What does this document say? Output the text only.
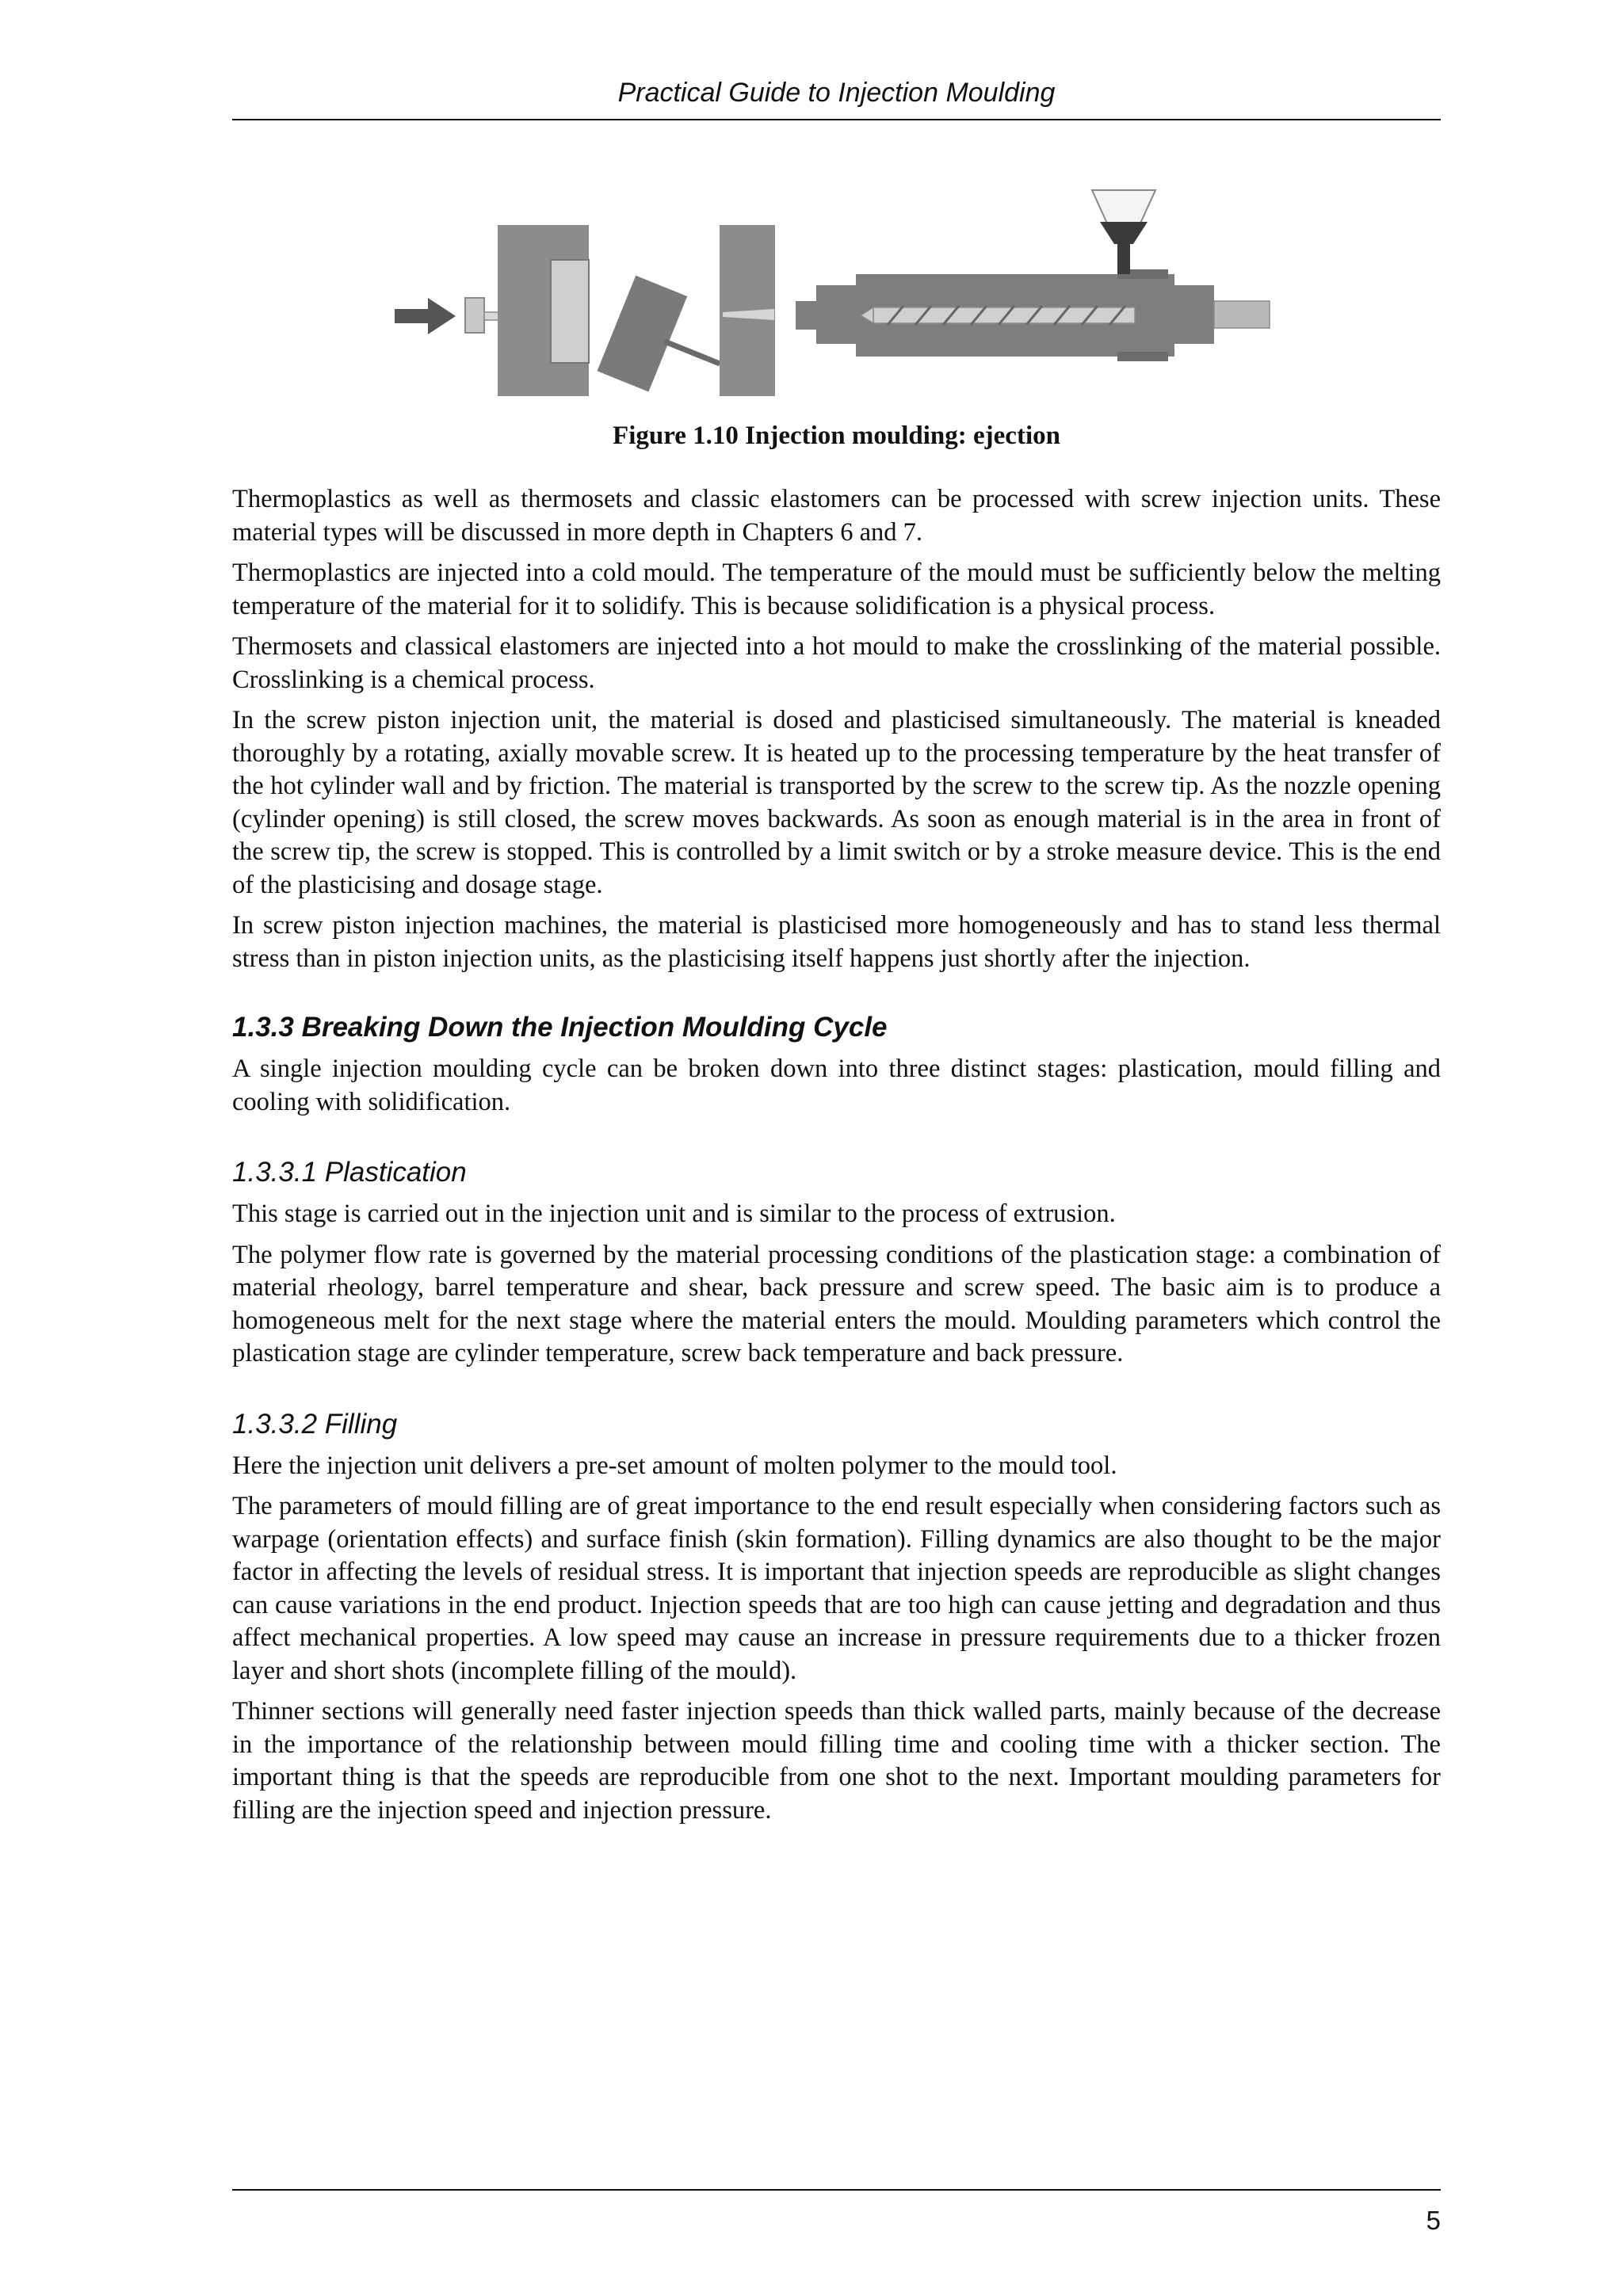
Practical Guide to Injection Moulding
Figure 1.10 Injection moulding: ejection

Thermoplastics as well as thermosets and classic elastomers can be processed with screw injection units. These material types will be discussed in more depth in Chapters 6 and 7.

Thermoplastics are injected into a cold mould. The temperature of the mould must be sufficiently below the melting temperature of the material for it to solidify. This is because solidification is a physical process.

Thermosets and classical elastomers are injected into a hot mould to make the crosslinking of the material possible. Crosslinking is a chemical process.

In the screw piston injection unit, the material is dosed and plasticised simultaneously. The material is kneaded thoroughly by a rotating, axially movable screw. It is heated up to the processing temperature by the heat transfer of the hot cylinder wall and by friction. The material is transported by the screw to the screw tip. As the nozzle opening (cylinder opening) is still closed, the screw moves backwards. As soon as enough material is in the area in front of the screw tip, the screw is stopped. This is controlled by a limit switch or by a stroke measure device. This is the end of the plasticising and dosage stage.

In screw piston injection machines, the material is plasticised more homogeneously and has to stand less thermal stress than in piston injection units, as the plasticising itself happens just shortly after the injection.

1.3.3 Breaking Down the Injection Moulding Cycle

A single injection moulding cycle can be broken down into three distinct stages: plastication, mould filling and cooling with solidification.

1.3.3.1 Plastication

This stage is carried out in the injection unit and is similar to the process of extrusion.

The polymer flow rate is governed by the material processing conditions of the plastication stage: a combination of material rheology, barrel temperature and shear, back pressure and screw speed. The basic aim is to produce a homogeneous melt for the next stage where the material enters the mould. Moulding parameters which control the plastication stage are cylinder temperature, screw back temperature and back pressure.

1.3.3.2 Filling

Here the injection unit delivers a pre-set amount of molten polymer to the mould tool.

The parameters of mould filling are of great importance to the end result especially when considering factors such as warpage (orientation effects) and surface finish (skin formation). Filling dynamics are also thought to be the major factor in affecting the levels of residual stress. It is important that injection speeds are reproducible as slight changes can cause variations in the end product. Injection speeds that are too high can cause jetting and degradation and thus affect mechanical properties. A low speed may cause an increase in pressure requirements due to a thicker frozen layer and short shots (incomplete filling of the mould).

Thinner sections will generally need faster injection speeds than thick walled parts, mainly because of the decrease in the importance of the relationship between mould filling time and cooling time with a thicker section. The important thing is that the speeds are reproducible from one shot to the next. Important moulding parameters for filling are the injection speed and injection pressure.

5
